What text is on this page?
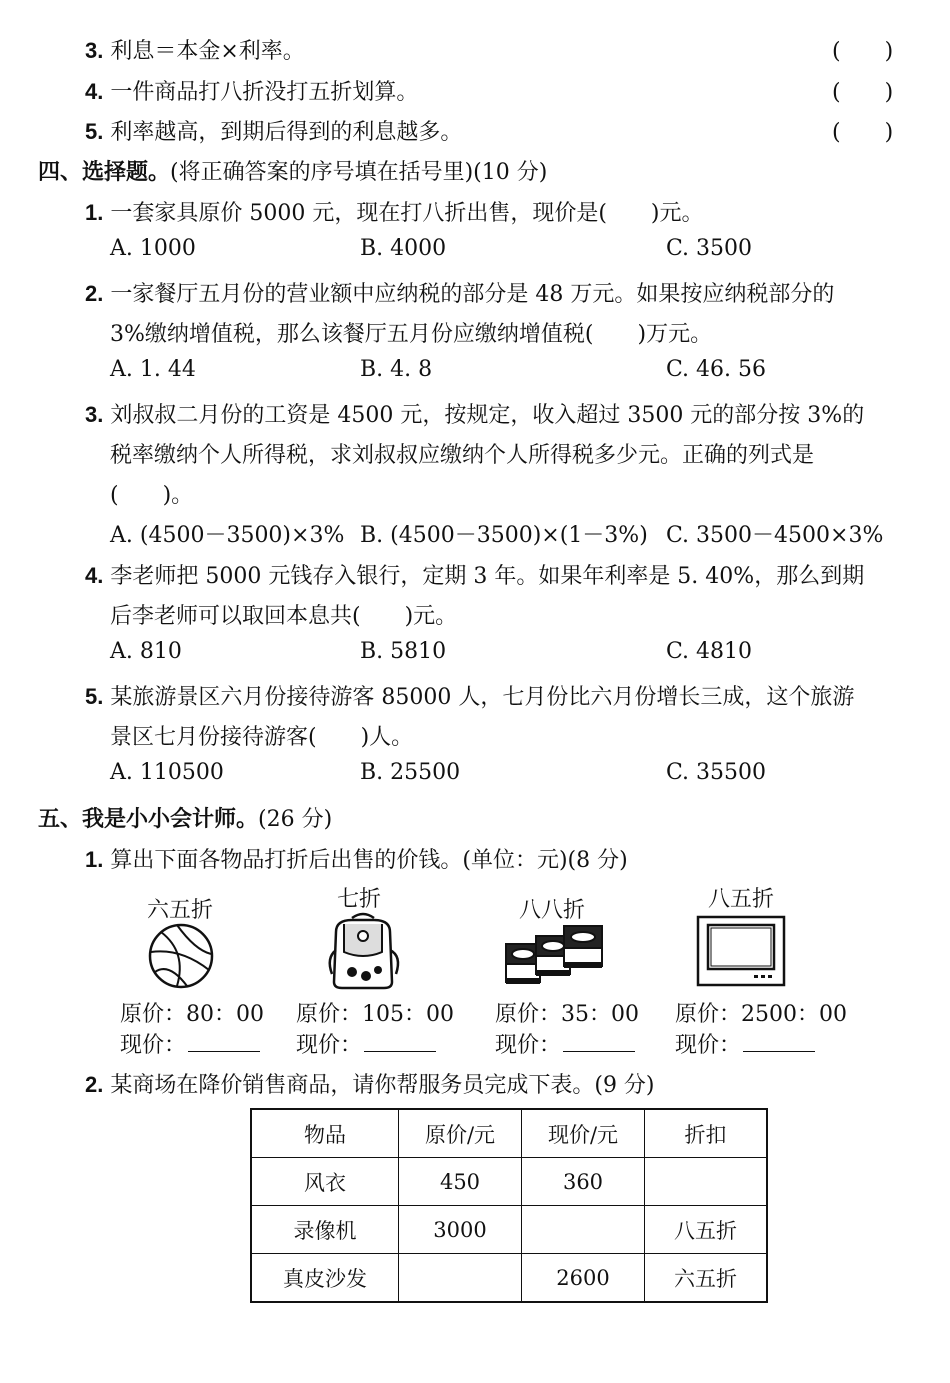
3. 利息＝本金×利率。	(　　)
4. 一件商品打八折没打五折划算。	(　　)
5. 利率越高，到期后得到的利息越多。	(　　)
四、选择题。(将正确答案的序号填在括号里)(10 分)
1. 一套家具原价 5000 元，现在打八折出售，现价是(　　)元。
A. 1000	B. 4000	C. 3500
2. 一家餐厅五月份的营业额中应纳税的部分是 48 万元。如果按应纳税部分的
3%缴纳增值税，那么该餐厅五月份应缴纳增值税(　　)万元。
A. 1. 44	B. 4. 8	C. 46. 56
3. 刘叔叔二月份的工资是 4500 元，按规定，收入超过 3500 元的部分按 3%的
税率缴纳个人所得税，求刘叔叔应缴纳个人所得税多少元。正确的列式是
(　　)。
A. (4500－3500)×3% B. (4500－3500)×(1－3%) C. 3500－4500×3%
4. 李老师把 5000 元钱存入银行，定期 3 年。如果年利率是 5. 40%，那么到期
后李老师可以取回本息共(　　)元。
A. 810	B. 5810	C. 4810
5. 某旅游景区六月份接待游客 85000 人，七月份比六月份增长三成，这个旅游
景区七月份接待游客(　　)人。
A. 110500	B. 25500	C. 35500
五、我是小小会计师。(26 分)
1. 算出下面各物品打折后出售的价钱。(单位：元)(8 分)
六五折
原价：80：00
现价：
七折
原价：105：00
现价：
八八折
原价：35：00
现价：
八五折
原价：2500：00
现价：
2. 某商场在降价销售商品，请你帮服务员完成下表。(9 分)
物品	原价/元	现价/元	折扣
风衣	450	360	
录像机	3000		八五折
真皮沙发		2600	六五折
